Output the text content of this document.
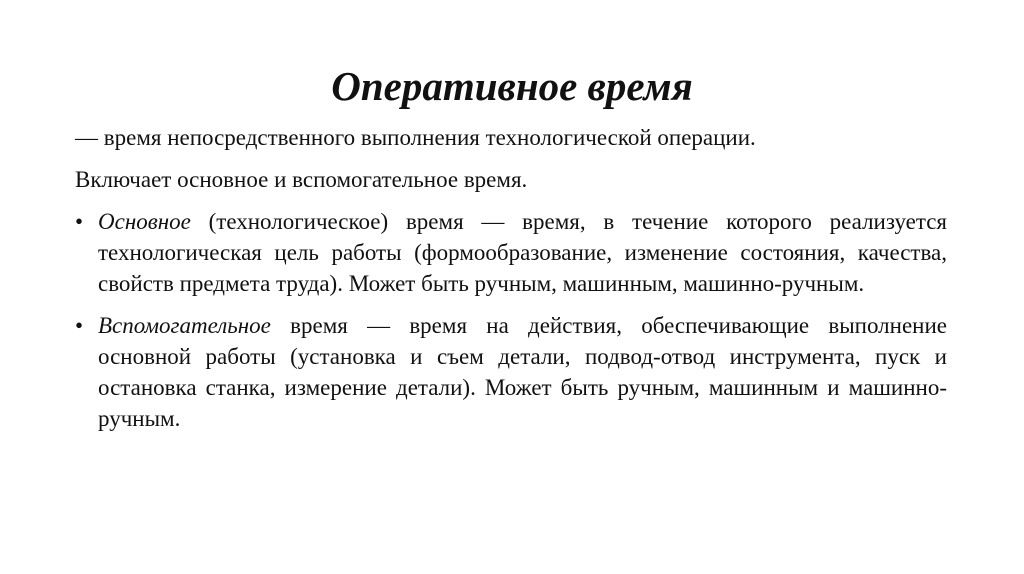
Оперативное время

— время непосредственного выполнения технологической операции.

Включает основное и вспомогательное время.

• Основное (технологическое) время — время, в течение которого реализуется технологическая цель работы (формообразование, изменение состояния, качества, свойств предмета труда). Может быть ручным, машинным, машинно-ручным.
• Вспомогательное время — время на действия, обеспечивающие выполнение основной работы (установка и съем детали, подвод-отвод инструмента, пуск и остановка станка, измерение детали). Может быть ручным, машинным и машинно-ручным.
